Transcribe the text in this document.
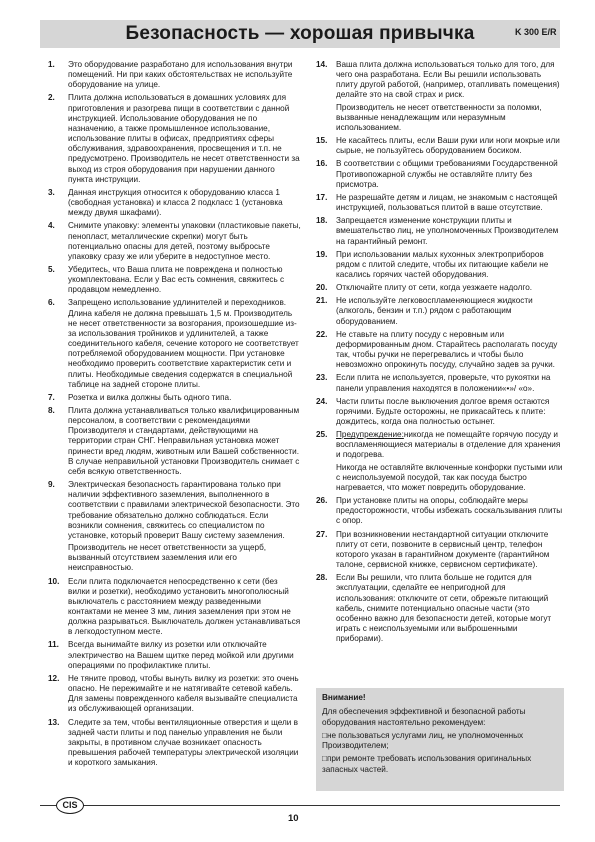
Безопасность — хорошая привычка	K 300 E/R
1. Это оборудование разработано для использования внутри помещений. Ни при каких обстоятельствах не используйте оборудование на улице.
2. Плита должна использоваться в домашних условиях для приготовления и разогрева пищи в соответствии с данной инструкцией. Использование оборудования не по назначению, а также промышленное использование, использование плиты в офисах, предприятиях сферы обслуживания, здравоохранения, просвещения и т.п. не предусмотрено. Производитель не несет ответственности за выход из строя оборудования при нарушении данного пункта инструкции.
3. Данная инструкция относится к оборудованию класса 1 (свободная установка) и класса 2 подкласс 1 (установка между двумя шкафами).
4. Снимите упаковку: элементы упаковки (пластиковые пакеты, пенопласт, металлические скрепки) могут быть потенциально опасны для детей, поэтому выбросьте упаковку сразу же или уберите в недоступное место.
5. Убедитесь, что Ваша плита не повреждена и полностью укомплектована. Если у Вас есть сомнения, свяжитесь с продавцом немедленно.
6. Запрещено использование удлинителей и переходников. Длина кабеля не должна превышать 1,5 м. Производитель не несет ответственности за возгорания, произошедшие из-за использования тройников и удлинителей, а также соединительного кабеля, сечение которого не соответствует потребляемой оборудованием мощности. При установке необходимо проверить соответствие характеристик сети и плиты. Необходимые сведения содержатся в специальной таблице на задней стороне плиты.
7. Розетка и вилка должны быть одного типа.
8. Плита должна устанавливаться только квалифицированным персоналом, в соответствии с рекомендациями Производителя и стандартами, действующими на территории стран СНГ. Неправильная установка может принести вред людям, животным или Вашей собственности. В случае неправильной установки Производитель снимает с себя всякую ответственность.
9. Электрическая безопасность гарантирована только при наличии эффективного заземления, выполненного в соответствии с правилами электрической безопасности. Это требование обязательно должно соблюдаться. Если возникли сомнения, свяжитесь со специалистом по установке, который проверит Вашу систему заземления.
Производитель не несет ответственности за ущерб, вызванный отсутствием заземления или его неисправностью.
10. Если плита подключается непосредственно к сети (без вилки и розетки), необходимо установить многополюсный выключатель с расстоянием между разведенными контактами не менее 3 мм, линия заземления при этом не должна разрываться. Выключатель должен устанавливаться в легкодоступном месте.
11. Всегда вынимайте вилку из розетки или отключайте электричество на Вашем щитке перед мойкой или другими операциями по профилактике плиты.
12. Не тяните провод, чтобы вынуть вилку из розетки: это очень опасно. Не пережимайте и не натягивайте сетевой кабель. Для замены поврежденного кабеля вызывайте специалиста из обслуживающей организации.
13. Следите за тем, чтобы вентиляционные отверстия и щели в задней части плиты и под панелью управления не были закрыты, в противном случае возникает опасность превышения рабочей температуры электрической изоляции и короткого замыкания.
14. Ваша плита должна использоваться только для того, для чего она разработана. Если Вы решили использовать плиту другой работой, (например, отапливать помещения) делайте это на свой страх и риск.
Производитель не несет ответственности за поломки, вызванные ненадлежащим или неразумным использованием.
15. Не касайтесь плиты, если Ваши руки или ноги мокрые или сырые, не пользуйтесь оборудованием босиком.
16. В соответствии с общими требованиями Государственной Противопожарной службы не оставляйте плиту без присмотра.
17. Не разрешайте детям и лицам, не знакомым с настоящей инструкцией, пользоваться плитой в ваше отсутствие.
18. Запрещается изменение конструкции плиты и вмешательство лиц, не уполномоченных Производителем на гарантийный ремонт.
19. При использовании малых кухонных электроприборов рядом с плитой следите, чтобы их питающие кабели не касались горячих частей оборудования.
20. Отключайте плиту от сети, когда уезжаете надолго.
21. Не используйте легковоспламеняющиеся жидкости (алкоголь, бензин и т.п.) рядом с работающим оборудованием.
22. Не ставьте на плиту посуду с неровным или деформированным дном. Старайтесь располагать посуду так, чтобы ручки не перегревались и чтобы было невозможно опрокинуть посуду, случайно задев за ручки.
23. Если плита не используется, проверьте, что рукоятки на панели управления находятся в положении«•»/ «o».
24. Части плиты после выключения долгое время остаются горячими. Будьте осторожны, не прикасайтесь к плите: дождитесь, когда она полностью остынет.
25. Предупреждение:никогда не помещайте горячую посуду и воспламеняющиеся материалы в отделение для хранения и подогрева.
Никогда не оставляйте включенные конфорки пустыми или с неиспользуемой посудой, так как посуда быстро нагревается, что может повредить оборудование.
26. При установке плиты на опоры, соблюдайте меры предосторожности, чтобы избежать соскальзывания плиты с опор.
27. При возникновении нестандартной ситуации отключите плиту от сети, позвоните в сервисный центр, телефон которого указан в гарантийном документе (гарантийном талоне, сервисной книжке, сервисном сертификате).
28. Если Вы решили, что плита больше не годится для эксплуатации, сделайте ее непригодной для использования: отключите от сети, обрежьте питающий кабель, снимите потенциально опасные части (это особенно важно для безопасности детей, которые могут играть с неиспользуемыми или выброшенными приборами).
Внимание!

Для обеспечения эффективной и безопасной работы оборудования настоятельно рекомендуем:

□не пользоваться услугами лиц, не уполномоченных Производителем;

□при ремонте требовать использования оригинальных запасных частей.

CIS
10
